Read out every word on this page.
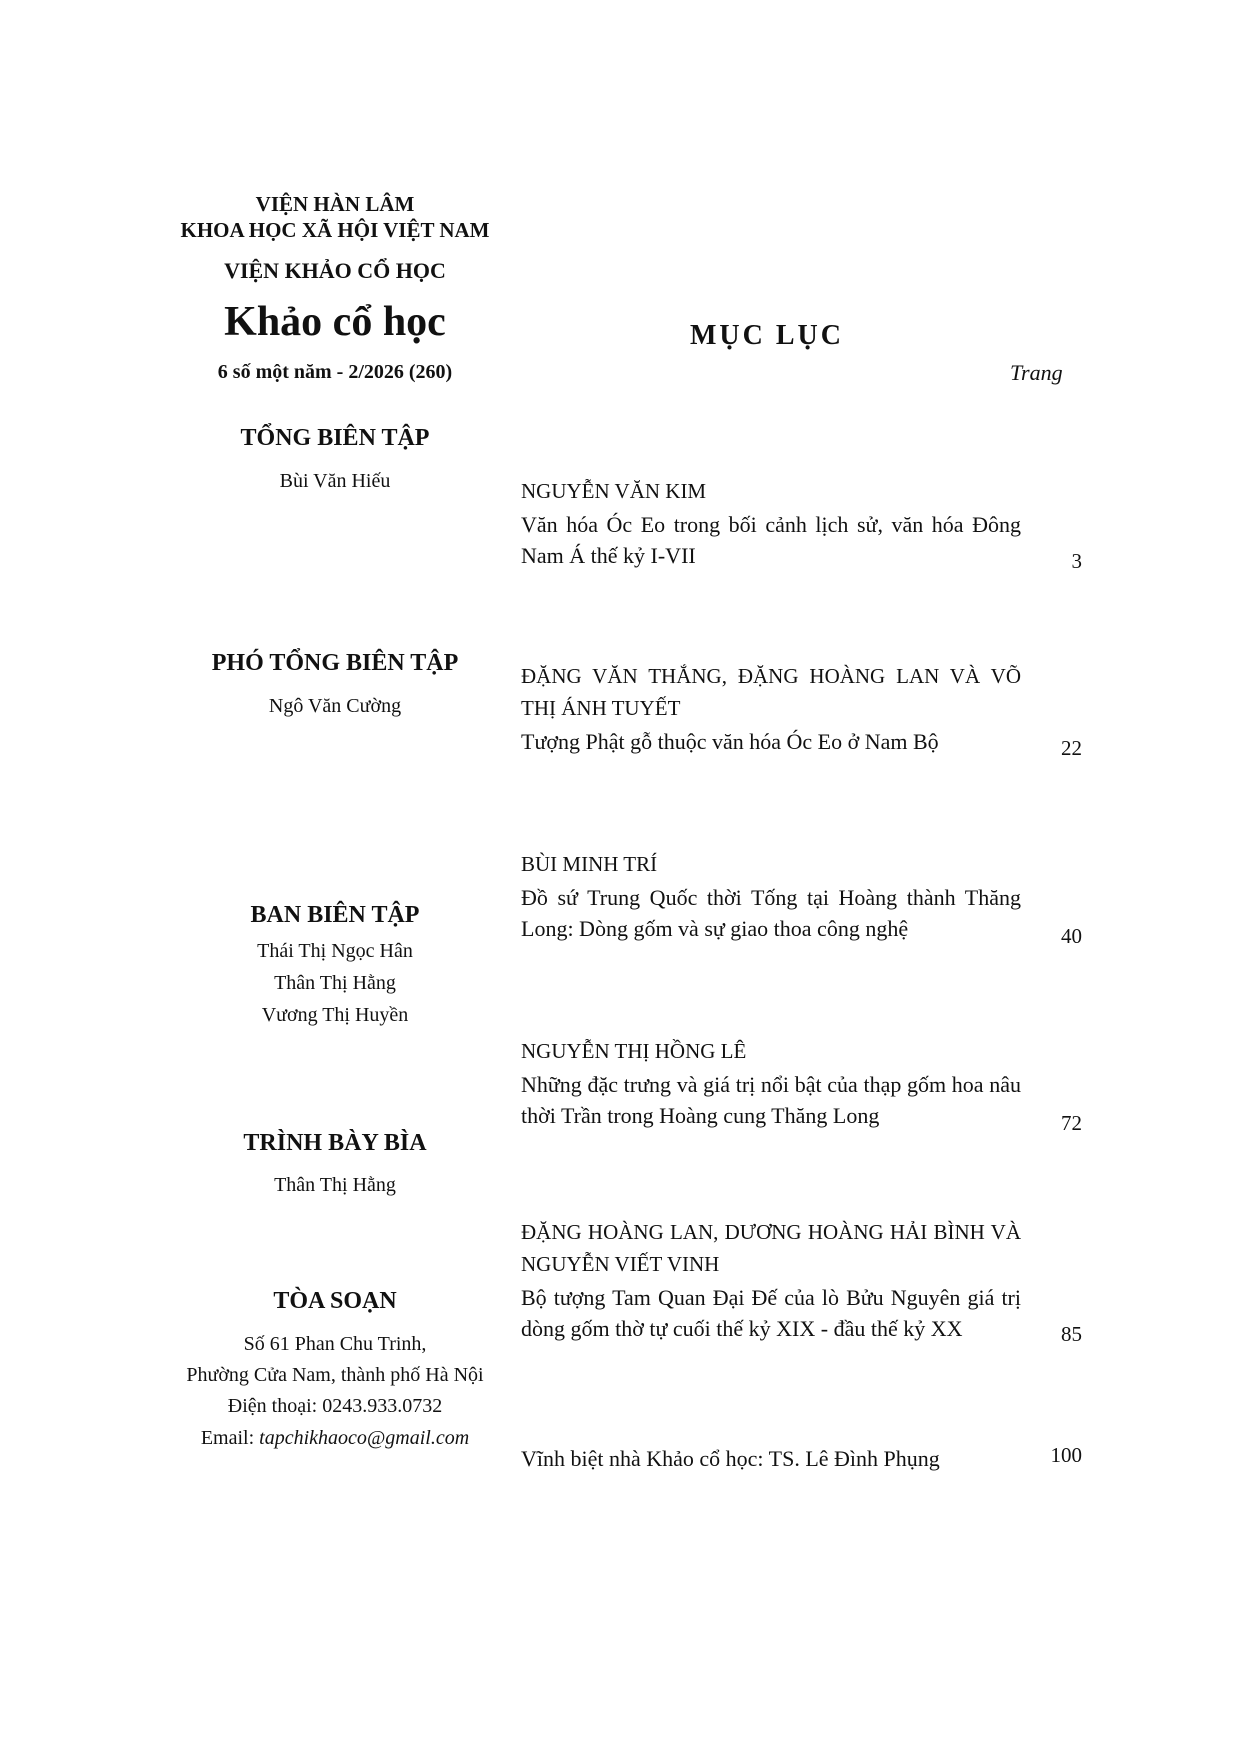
VIỆN HÀN LÂM
KHOA HỌC XÃ HỘI VIỆT NAM
VIỆN KHẢO CỔ HỌC
Khảo cổ học
6 số một năm - 2/2026 (260)
TỔNG BIÊN TẬP
Bùi Văn Hiếu
PHÓ TỔNG BIÊN TẬP
Ngô Văn Cường
BAN BIÊN TẬP
Thái Thị Ngọc Hân
Thân Thị Hằng
Vương Thị Huyền
TRÌNH BÀY BÌA
Thân Thị Hằng
TÒA SOẠN
Số 61 Phan Chu Trinh,
Phường Cửa Nam, thành phố Hà Nội
Điện thoại: 0243.933.0732
Email: tapchikhaoco@gmail.com
MỤC LỤC
Trang
NGUYỄN VĂN KIM
Văn hóa Óc Eo trong bối cảnh lịch sử, văn hóa Đông Nam Á thế kỷ I-VII	3
ĐẶNG VĂN THẮNG, ĐẶNG HOÀNG LAN VÀ VÕ THỊ ÁNH TUYẾT
Tượng Phật gỗ thuộc văn hóa Óc Eo ở Nam Bộ	22
BÙI MINH TRÍ
Đồ sứ Trung Quốc thời Tống tại Hoàng thành Thăng Long: Dòng gốm và sự giao thoa công nghệ	40
NGUYỄN THỊ HỒNG LÊ
Những đặc trưng và giá trị nổi bật của thạp gốm hoa nâu thời Trần trong Hoàng cung Thăng Long	72
ĐẶNG HOÀNG LAN, DƯƠNG HOÀNG HẢI BÌNH VÀ NGUYỄN VIẾT VINH
Bộ tượng Tam Quan Đại Đế của lò Bửu Nguyên giá trị dòng gốm thờ tự cuối thế kỷ XIX - đầu thế kỷ XX	85
Vĩnh biệt nhà Khảo cổ học: TS. Lê Đình Phụng	100
